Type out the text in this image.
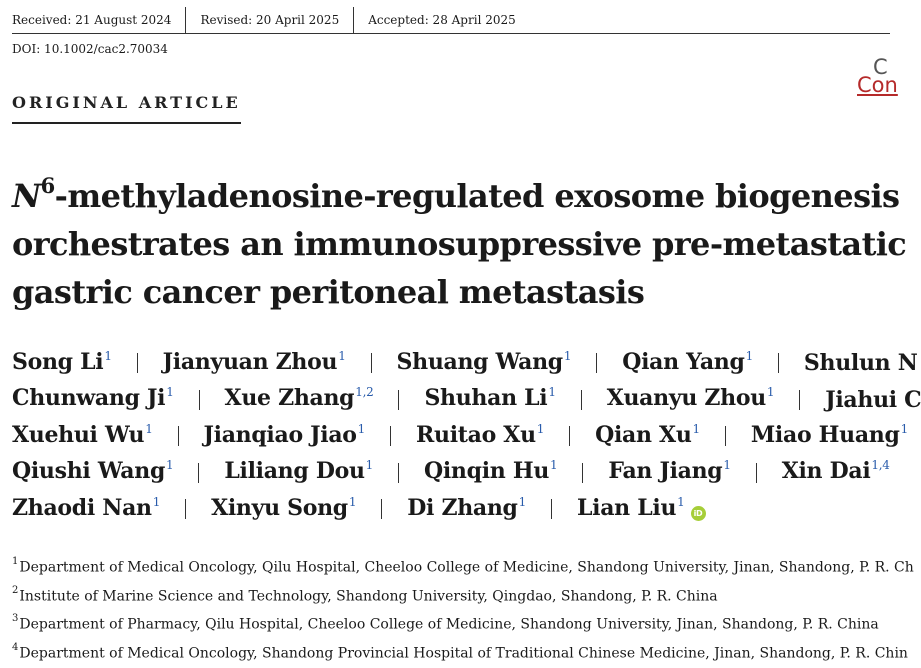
Received: 21 August 2024 Revised: 20 April 2025 Accepted: 28 April 2025
DOI: 10.1002/cac2.70034
C
Con
ORIGINAL ARTICLE
$N^6-methyladenosine$-regulated exosome biogenesis
orchestrates an immunosuppressive pre-metastatic
gastric cancer peritoneal metastasis
Song Li$^1$ Jianyuan Zhou$^1$ Shuang Wang$^1$ Qian Yang$^1$ Shulun N
Chunwang Ji$^1$ Xue Zhang$^{1,2}$ Shuhan Li$^1$ Xuanyu Zhou$^1$ Jiahui C
Xuehui Wu$^1$ Jianqiao Jiao$^1$ Ruitao Xu$^1$ Qian Xu$^1$ Miao Huang$^1$
Qiushi Wang$^1$ Liliang Dou$^1$ Qinqin Hu$^1$ Fan Jiang$^1$ Xin Dai$^{1,4}$
Zhaodi Nan$^1$ Xinyu Song$^1$ Di Zhang$^1$ Lian Liu$^1$
iD
$^1$Department of Medical Oncology, Qilu Hospital, Cheeloo College of Medicine, Shandong University, Jinan, Shandong, P. R. Ch
$^2$Institute of Marine Science and Technology, Shandong University, Qingdao, Shandong, P. R. China
$^3$Department of Pharmacy, Qilu Hospital, Cheeloo College of Medicine, Shandong University, Jinan, Shandong, P. R. China
$^4$Department of Medical Oncology, Shandong Provincial Hospital of Traditional Chinese Medicine, Jinan, Shandong, P. R. Chin
